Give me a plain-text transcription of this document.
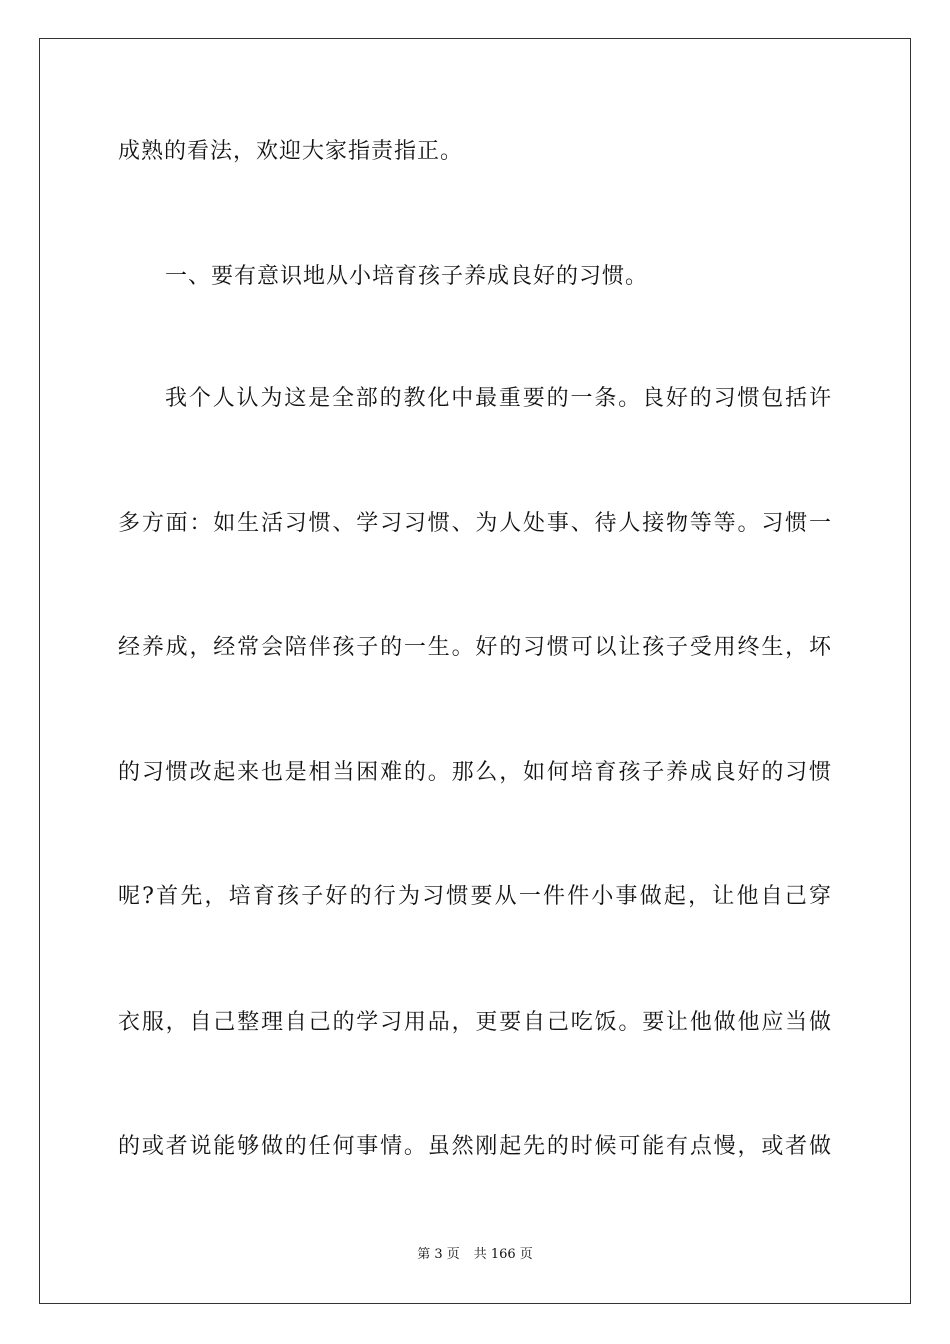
成熟的看法，欢迎大家指责指正。
一、要有意识地从小培育孩子养成良好的习惯。
我个人认为这是全部的教化中最重要的一条。良好的习惯包括许
多方面：如生活习惯、学习习惯、为人处事、待人接物等等。习惯一
经养成，经常会陪伴孩子的一生。好的习惯可以让孩子受用终生，坏
的习惯改起来也是相当困难的。那么，如何培育孩子养成良好的习惯
呢?首先，培育孩子好的行为习惯要从一件件小事做起，让他自己穿
衣服，自己整理自己的学习用品，更要自己吃饭。要让他做他应当做
的或者说能够做的任何事情。虽然刚起先的时候可能有点慢，或者做
第 3 页 共 166 页
